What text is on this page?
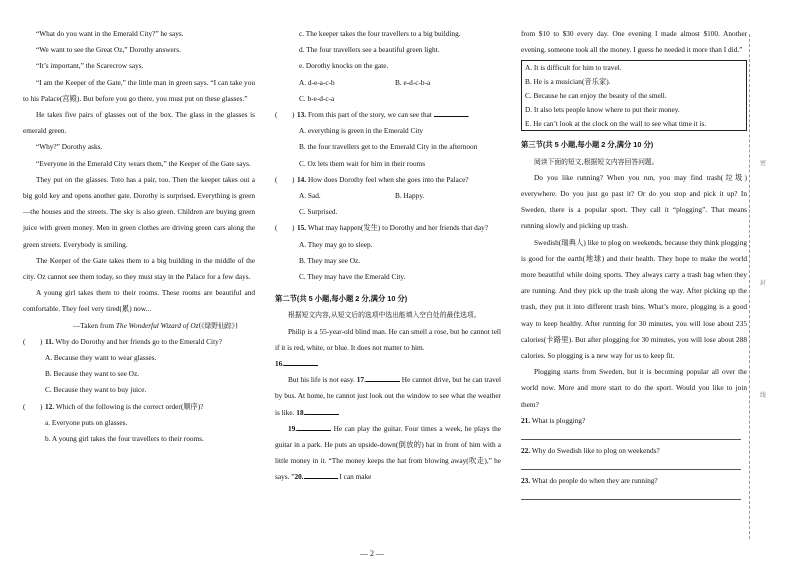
“What do you want in the Emerald City?” he says.

“We want to see the Great Oz,” Dorothy answers.

“It’s important,” the Scarecrow says.

“I am the Keeper of the Gate,” the little man in green says. “I can take you to his Palace(宫殿). But before you go there, you must put on these glasses.”

He takes five pairs of glasses out of the box. The glass in the glasses is emerald green.

“Why?” Dorothy asks.

“Everyone in the Emerald City wears them,” the Keeper of the Gate says.

They put on the glasses. Toto has a pair, too. Then the keeper takes out a big gold key and opens another gate. Dorothy is surprised. Everything is green—the houses and the streets. The sky is also green. Children are buying green juice with green money. Men in green clothes are driving green cars along the green streets. Everybody is smiling.

The Keeper of the Gate takes them to a big building in the middle of the city. Oz cannot see them today, so they must stay in the Palace for a few days.

A young girl takes them to their rooms. These rooms are beautiful and comfortable. They feel very tired(累) now...

—Taken from The Wonderful Wizard of Oz(《绿野仙踪》)

(　　) 11. Why do Dorothy and her friends go to the Emerald City?

A. Because they want to wear glasses.

B. Because they want to see Oz.

C. Because they want to buy juice.

(　　) 12. Which of the following is the correct order(顺序)?

a. Everyone puts on glasses.

b. A young girl takes the four travellers to their rooms.

c. The keeper takes the four travellers to a big building.

d. The four travellers see a beautiful green light.

e. Dorothy knocks on the gate.

A. d-e-a-c-b	B. e-d-c-b-a

C. b-e-d-c-a

(　　) 13. From this part of the story, we can see that	.

A. everything is green in the Emerald City

B. the four travellers get to the Emerald City in the afternoon

C. Oz lets them wait for him in their rooms

(　　) 14. How does Dorothy feel when she goes into the Palace?

A. Sad.	B. Happy.

C. Surprised.

(　　) 15. What may happen(发生) to Dorothy and her friends that day?

A. They may go to sleep.

B. They may see Oz.

C. They may have the Emerald City.

第二节(共 5 小题,每小题 2 分,满分 10 分)

根据短文内容,从短文后的选项中选出能填入空白处的最佳选项。

Philip is a 55-year-old blind man. He can smell a rose, but he cannot tell if it is red, white, or blue. It does not matter to him.

16.

But his life is not easy. 17.	He cannot drive, but he can travel by bus. At home, he cannot just look out the window to see what the weather is like. 18.

19.	He can play the guitar. Four times a week, he plays the guitar in a park. He puts an upside-down(倒放的) hat in front of him with a little money in it. “The money keeps the hat from blowing away(吹走),” he says. ”20.	I can make

from $10 to $30 every day. One evening I made almost $100. Another evening, someone took all the money. I guess he needed it more than I did.”

A. It is difficult for him to travel.

B. He is a musician(音乐家).

C. Because he can enjoy the beauty of the smell.

D. It also lets people know where to put their money.

E. He can’t look at the clock on the wall to see what time it is.

第三节(共 5 小题,每小题 2 分,满分 10 分)

阅读下面的短文,根据短文内容回答问题。

Do you like running? When you run, you may find trash(垃圾) everywhere. Do you just go past it? Or do you stop and pick it up? In Sweden, there is a popular sport. They call it “plogging”. That means running slowly and picking up trash.

Swedish(瑞典人) like to plog on weekends, because they think plogging is good for the earth(地球) and their health. They hope to make the world more beautiful while doing sports. They always carry a trash bag when they are running. And they pick up the trash along the way. After picking up the trash, they put it into different trash bins. What’s more, plogging is a good way to keep healthy. After running for 30 minutes, you will lose about 235 calories(卡路里). But after plogging for 30 minutes, you will lose about 288 calories. So plogging is a new way for us to keep fit.

Plogging starts from Sweden, but it is becoming popular all over the world now. More and more start to do the sport. Would you like to join them?

21. What is plogging?

22. Why do Swedish like to plog on weekends?

23. What do people do when they are running?

密
封
线
— 2 —
